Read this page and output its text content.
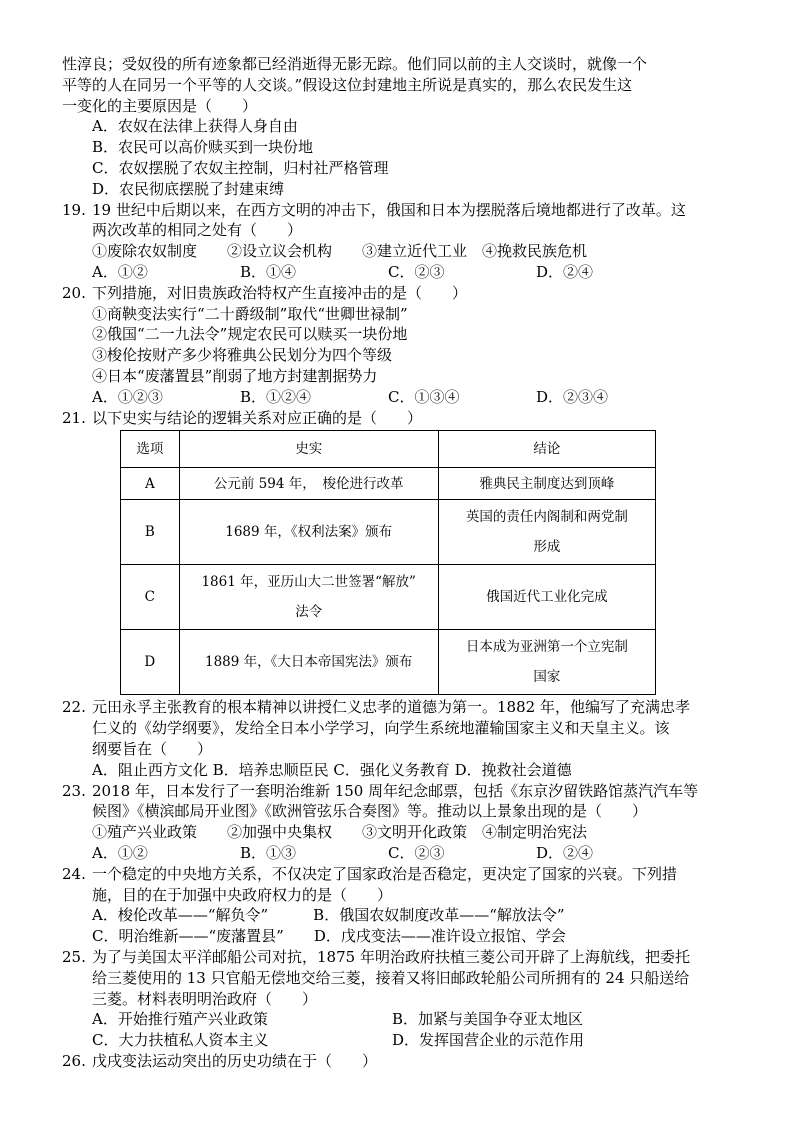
性淳良；受奴役的所有迹象都已经消逝得无影无踪。他们同以前的主人交谈时，就像一个
平等的人在同另一个平等的人交谈。”假设这位封建地主所说是真实的，那么农民发生这
一变化的主要原因是（　　）
A．农奴在法律上获得人身自由
B．农民可以高价赎买到一块份地
C．农奴摆脱了农奴主控制，归村社严格管理
D．农民彻底摆脱了封建束缚
19. 19 世纪中后期以来，在西方文明的冲击下，俄国和日本为摆脱落后境地都进行了改革。这
两次改革的相同之处有（　　）
①废除农奴制度　　②设立议会机构　　③建立近代工业　④挽救民族危机
A．①②	B．①④	C．②③	D．②④
20. 下列措施，对旧贵族政治特权产生直接冲击的是（　　）
①商鞅变法实行“二十爵级制”取代“世卿世禄制”
②俄国“二一九法令”规定农民可以赎买一块份地
③梭伦按财产多少将雅典公民划分为四个等级
④日本“废藩置县”削弱了地方封建割据势力
A．①②③	B．①②④	C．①③④	D．②③④
21. 以下史实与结论的逻辑关系对应正确的是（　　）
选项	史实	结论
A	公元前 594 年，　梭伦进行改革	雅典民主制度达到顶峰
B	1689 年，《权利法案》颁布	英国的责任内阁制和两党制
形成
C	1861 年，亚历山大二世签署“解放”
法令	俄国近代工业化完成
D	1889 年，《大日本帝国宪法》颁布	日本成为亚洲第一个立宪制
国家
22. 元田永孚主张教育的根本精神以讲授仁义忠孝的道德为第一。1882 年，他编写了充满忠孝
仁义的《幼学纲要》，发给全日本小学学习，向学生系统地灌输国家主义和天皇主义。该
纲要旨在（　　）
A．阻止西方文化 B．培养忠顺臣民 C．强化义务教育 D．挽救社会道德
23. 2018 年，日本发行了一套明治维新 150 周年纪念邮票，包括《东京汐留铁路馆蒸汽汽车等
候图》《横滨邮局开业图》《欧洲管弦乐合奏图》等。推动以上景象出现的是（　　）
①殖产兴业政策　　②加强中央集权　　③文明开化政策　④制定明治宪法
A．①②	B．①③	C．②③	D．②④
24. 一个稳定的中央地方关系，不仅决定了国家政治是否稳定，更决定了国家的兴衰。下列措
施，目的在于加强中央政府权力的是（　　）
A．梭伦改革——“解负令”　　　B．俄国农奴制度改革——“解放法令”
C．明治维新——“废藩置县”　　D．戊戌变法——准许设立报馆、学会
25. 为了与美国太平洋邮船公司对抗，1875 年明治政府扶植三菱公司开辟了上海航线，把委托
给三菱使用的 13 只官船无偿地交给三菱，接着又将旧邮政轮船公司所拥有的 24 只船送给
三菱。材料表明明治政府（　　）
A．开始推行殖产兴业政策	B．加紧与美国争夺亚太地区
C．大力扶植私人资本主义	D．发挥国营企业的示范作用
26. 戊戌变法运动突出的历史功绩在于（　　）
